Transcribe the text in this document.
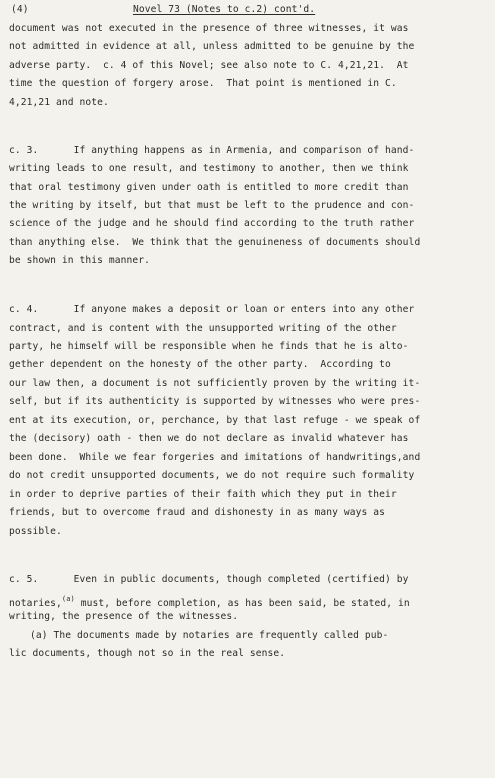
(4)	Novel 73 (Notes to c.2) cont'd.
document was not executed in the presence of three witnesses, it was
not admitted in evidence at all, unless admitted to be genuine by the
adverse party.  c. 4 of this Novel; see also note to C. 4,21,21.  At
time the question of forgery arose.  That point is mentioned in C.
4,21,21 and note.
c. 3.      If anything happens as in Armenia, and comparison of hand-
writing leads to one result, and testimony to another, then we think
that oral testimony given under oath is entitled to more credit than
the writing by itself, but that must be left to the prudence and con-
science of the judge and he should find according to the truth rather
than anything else.  We think that the genuineness of documents should
be shown in this manner.
c. 4.      If anyone makes a deposit or loan or enters into any other
contract, and is content with the unsupported writing of the other
party, he himself will be responsible when he finds that he is alto-
gether dependent on the honesty of the other party.  According to
our law then, a document is not sufficiently proven by the writing it-
self, but if its authenticity is supported by witnesses who were pres-
ent at its execution, or, perchance, by that last refuge - we speak of
the (decisory) oath - then we do not declare as invalid whatever has
been done.  While we fear forgeries and imitations of handwritings,and
do not credit unsupported documents, we do not require such formality
in order to deprive parties of their faith which they put in their
friends, but to overcome fraud and dishonesty in as many ways as
possible.
c. 5.      Even in public documents, though completed (certified) by
notaries,$^{(a)}$ must, before completion, as has been said, be stated, in
writing, the presence of the witnesses.
(a) The documents made by notaries are frequently called pub-
lic documents, though not so in the real sense.
